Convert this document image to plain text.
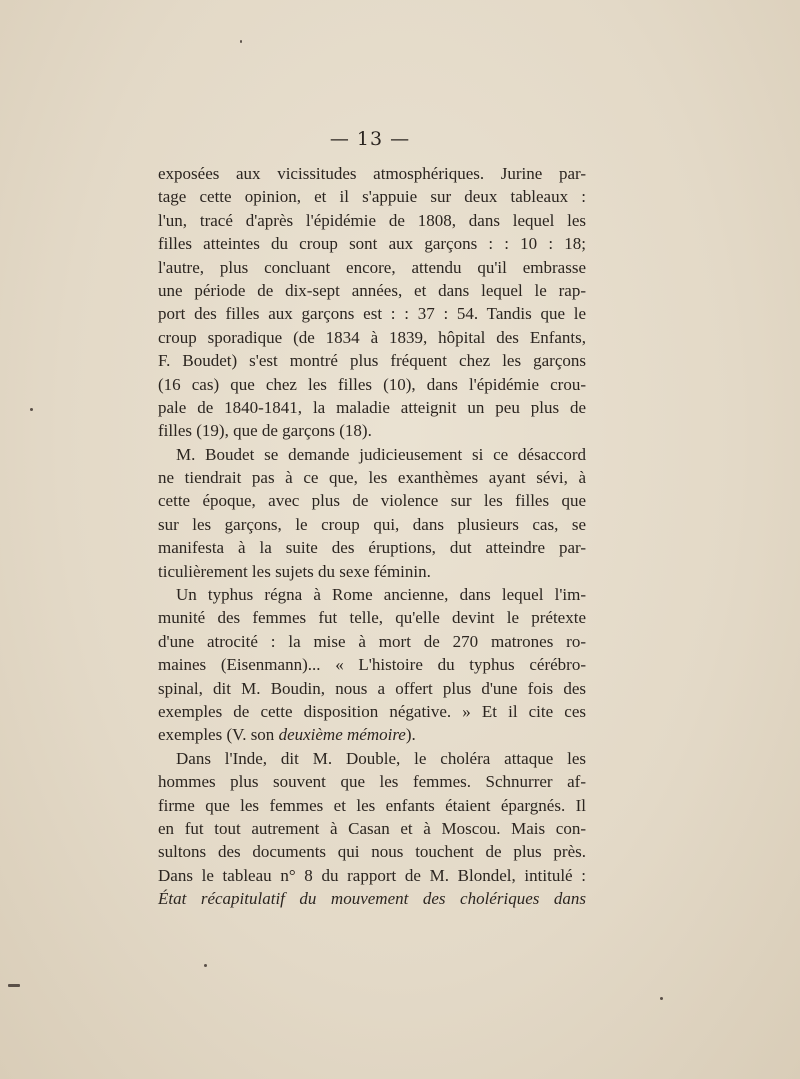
— 13 —
exposées aux vicissitudes atmosphériques. Jurine par-
tage cette opinion, et il s'appuie sur deux tableaux :
l'un, tracé d'après l'épidémie de 1808, dans lequel les
filles atteintes du croup sont aux garçons : : 10 : 18;
l'autre, plus concluant encore, attendu qu'il embrasse
une période de dix-sept années, et dans lequel le rap-
port des filles aux garçons est : : 37 : 54. Tandis que le
croup sporadique (de 1834 à 1839, hôpital des Enfants,
F. Boudet) s'est montré plus fréquent chez les garçons
(16 cas) que chez les filles (10), dans l'épidémie crou-
pale de 1840-1841, la maladie atteignit un peu plus de
filles (19), que de garçons (18).
M. Boudet se demande judicieusement si ce désaccord
ne tiendrait pas à ce que, les exanthèmes ayant sévi, à
cette époque, avec plus de violence sur les filles que
sur les garçons, le croup qui, dans plusieurs cas, se
manifesta à la suite des éruptions, dut atteindre par-
ticulièrement les sujets du sexe féminin.
Un typhus régna à Rome ancienne, dans lequel l'im-
munité des femmes fut telle, qu'elle devint le prétexte
d'une atrocité : la mise à mort de 270 matrones ro-
maines (Eisenmann)... « L'histoire du typhus cérébro-
spinal, dit M. Boudin, nous a offert plus d'une fois des
exemples de cette disposition négative. » Et il cite ces
exemples (V. son deuxième mémoire).
Dans l'Inde, dit M. Double, le choléra attaque les
hommes plus souvent que les femmes. Schnurrer af-
firme que les femmes et les enfants étaient épargnés. Il
en fut tout autrement à Casan et à Moscou. Mais con-
sultons des documents qui nous touchent de plus près.
Dans le tableau n° 8 du rapport de M. Blondel, intitulé :
État récapitulatif du mouvement des cholériques dans
